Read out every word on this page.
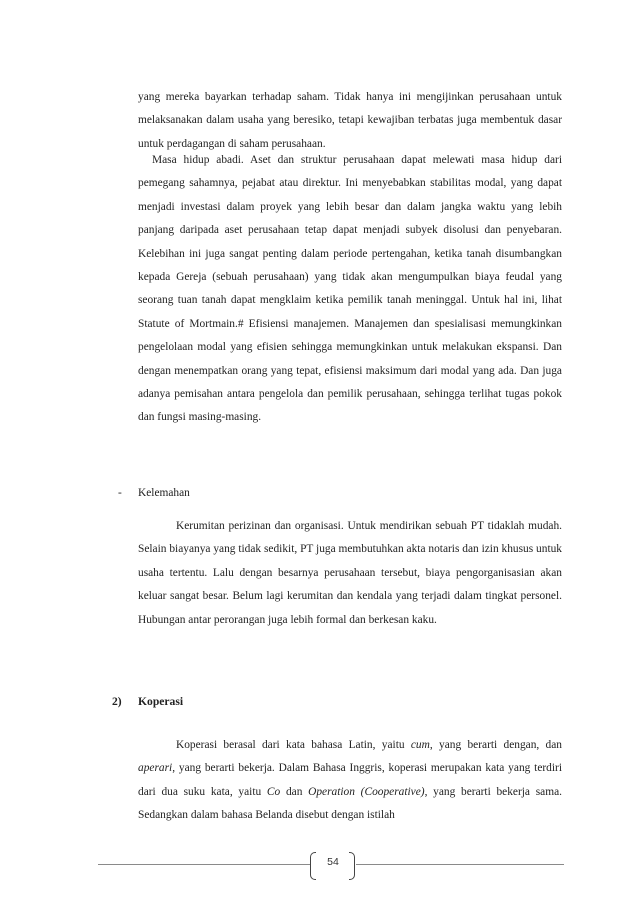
yang mereka bayarkan terhadap saham. Tidak hanya ini mengijinkan perusahaan untuk melaksanakan dalam usaha yang beresiko, tetapi kewajiban terbatas juga membentuk dasar untuk perdagangan di saham perusahaan.

Masa hidup abadi. Aset dan struktur perusahaan dapat melewati masa hidup dari pemegang sahamnya, pejabat atau direktur. Ini menyebabkan stabilitas modal, yang dapat menjadi investasi dalam proyek yang lebih besar dan dalam jangka waktu yang lebih panjang daripada aset perusahaan tetap dapat menjadi subyek disolusi dan penyebaran. Kelebihan ini juga sangat penting dalam periode pertengahan, ketika tanah disumbangkan kepada Gereja (sebuah perusahaan) yang tidak akan mengumpulkan biaya feudal yang seorang tuan tanah dapat mengklaim ketika pemilik tanah meninggal. Untuk hal ini, lihat Statute of Mortmain.# Efisiensi manajemen. Manajemen dan spesialisasi memungkinkan pengelolaan modal yang efisien sehingga memungkinkan untuk melakukan ekspansi. Dan dengan menempatkan orang yang tepat, efisiensi maksimum dari modal yang ada. Dan juga adanya pemisahan antara pengelola dan pemilik perusahaan, sehingga terlihat tugas pokok dan fungsi masing-masing.

- Kelemahan

Kerumitan perizinan dan organisasi. Untuk mendirikan sebuah PT tidaklah mudah. Selain biayanya yang tidak sedikit, PT juga membutuhkan akta notaris dan izin khusus untuk usaha tertentu. Lalu dengan besarnya perusahaan tersebut, biaya pengorganisasian akan keluar sangat besar. Belum lagi kerumitan dan kendala yang terjadi dalam tingkat personel. Hubungan antar perorangan juga lebih formal dan berkesan kaku.

2) Koperasi

Koperasi berasal dari kata bahasa Latin, yaitu cum, yang berarti dengan, dan aperari, yang berarti bekerja. Dalam Bahasa Inggris, koperasi merupakan kata yang terdiri dari dua suku kata, yaitu Co dan Operation (Cooperative), yang berarti bekerja sama. Sedangkan dalam bahasa Belanda disebut dengan istilah

54
